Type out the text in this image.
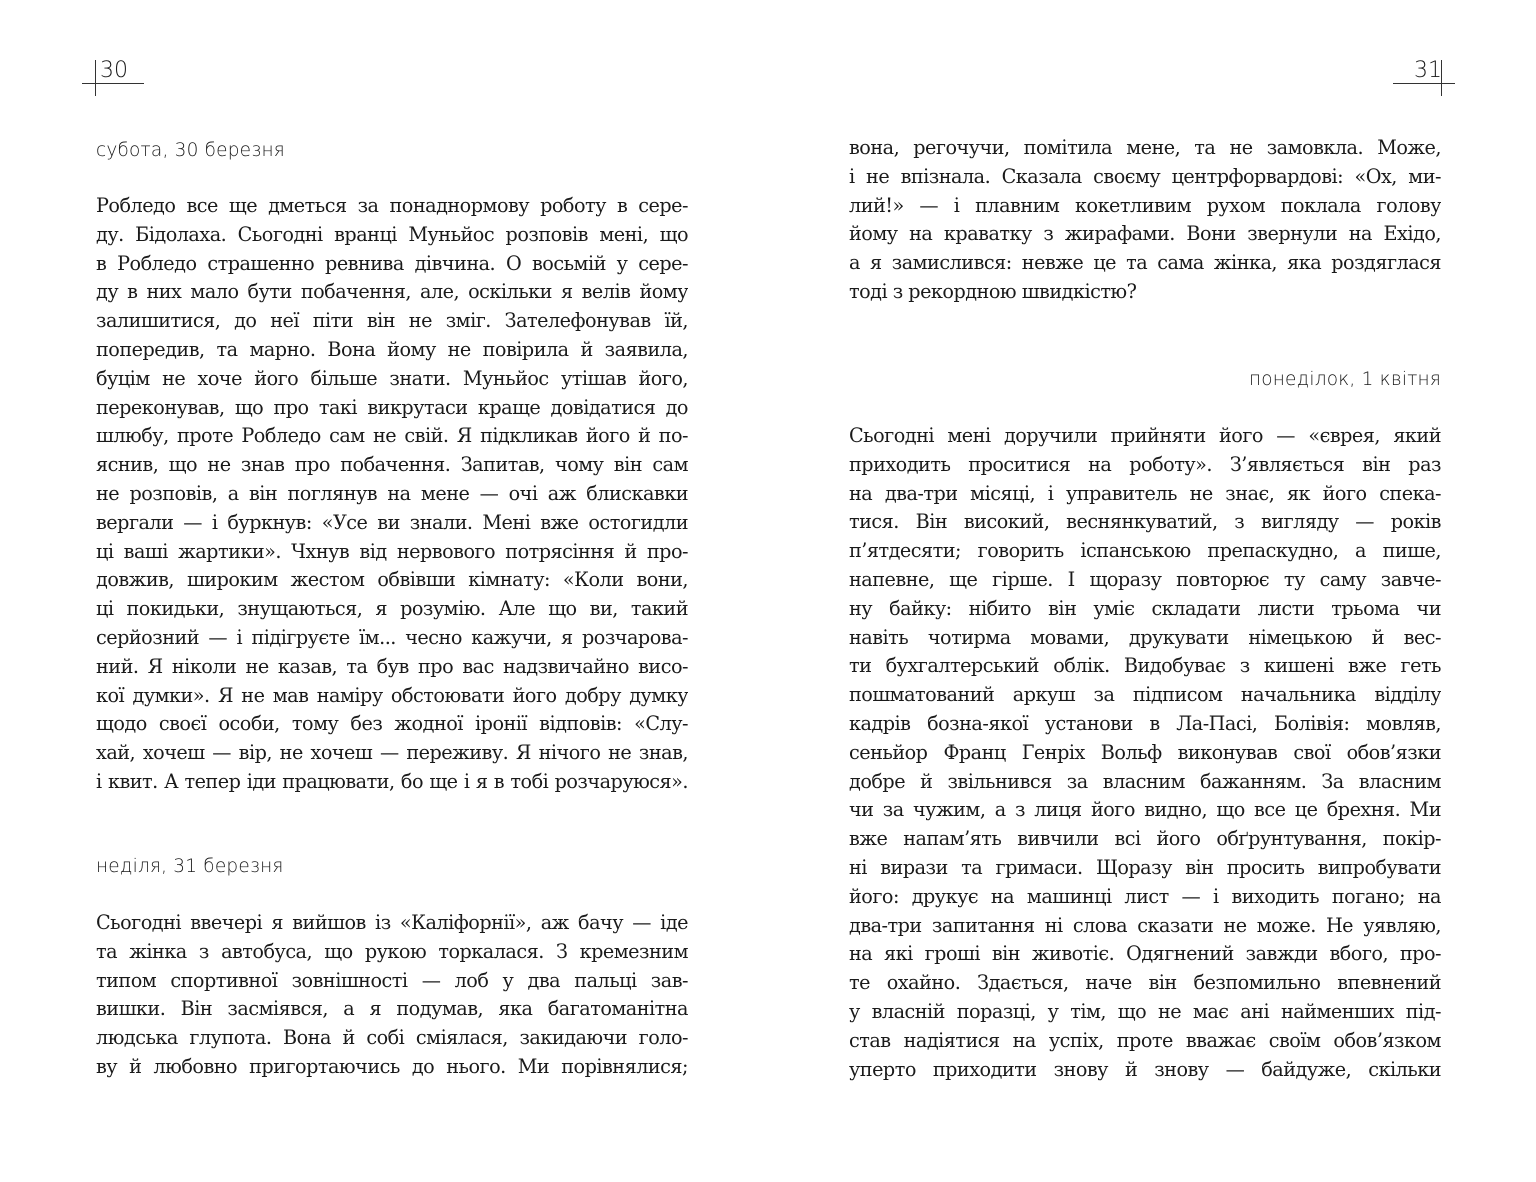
30

субота, 30 березня

Робледо все ще дметься за понаднормову роботу в сере-
ду. Бідолаха. Сьогодні вранці Муньйос розповів мені, що
в Робледо страшенно ревнива дівчина. О восьмій у сере-
ду в них мало бути побачення, але, оскільки я велів йому
залишитися, до неї піти він не зміг. Зателефонував їй,
попередив, та марно. Вона йому не повірила й заявила,
буцім не хоче його більше знати. Муньйос утішав його,
переконував, що про такі викрутаси краще довідатися до
шлюбу, проте Робледо сам не свій. Я підкликав його й по-
яснив, що не знав про побачення. Запитав, чому він сам
не розповів, а він поглянув на мене — очі аж блискавки
вергали — і буркнув: «Усе ви знали. Мені вже остогидли
ці ваші жартики». Чхнув від нервового потрясіння й про-
довжив, широким жестом обвівши кімнату: «Коли вони,
ці покидьки, знущаються, я розумію. Але що ви, такий
серйозний — і підігруєте їм... чесно кажучи, я розчарова-
ний. Я ніколи не казав, та був про вас надзвичайно висо-
кої думки». Я не мав наміру обстоювати його добру думку
щодо своєї особи, тому без жодної іронії відповів: «Слу-
хай, хочеш — вір, не хочеш — переживу. Я нічого не знав,
і квит. А тепер іди працювати, бо ще і я в тобі розчаруюся».

неділя, 31 березня

Сьогодні ввечері я вийшов із «Каліфорнії», аж бачу — іде
та жінка з автобуса, що рукою торкалася. З кремезним
типом спортивної зовнішності — лоб у два пальці зав-
вишки. Він засміявся, а я подумав, яка багатоманітна
людська глупота. Вона й собі сміялася, закидаючи голо-
ву й любовно пригортаючись до нього. Ми порівнялися;
31
вона, регочучи, помітила мене, та не замовкла. Може,
і не впізнала. Сказала своєму центрфорвардові: «Ох, ми-
лий!» — і плавним кокетливим рухом поклала голову
йому на краватку з жирафами. Вони звернули на Ехідо,
а я замислився: невже це та сама жінка, яка роздяглася
тоді з рекордною швидкістю?

понеділок, 1 квітня

Сьогодні мені доручили прийняти його — «єврея, який
приходить проситися на роботу». З’являється він раз
на два-три місяці, і управитель не знає, як його спека-
тися. Він високий, веснянкуватий, з вигляду — років
п’ятдесяти; говорить іспанською препаскудно, а пише,
напевне, ще гірше. І щоразу повторює ту саму завче-
ну байку: нібито він уміє складати листи трьома чи
навіть чотирма мовами, друкувати німецькою й вес-
ти бухгалтерський облік. Видобуває з кишені вже геть
пошматований аркуш за підписом начальника відділу
кадрів бозна-якої установи в Ла-Пасі, Болівія: мовляв,
сеньйор Франц Генріх Вольф виконував свої обов’язки
добре й звільнився за власним бажанням. За власним
чи за чужим, а з лиця його видно, що все це брехня. Ми
вже напам’ять вивчили всі його обґрунтування, покір-
ні вирази та гримаси. Щоразу він просить випробувати
його: друкує на машинці лист — і виходить погано; на
два-три запитання ні слова сказати не може. Не уявляю,
на які гроші він животіє. Одягнений завжди вбого, про-
те охайно. Здається, наче він безпомильно впевнений
у власній поразці, у тім, що не має ані найменших під-
став надіятися на успіх, проте вважає своїм обов’язком
уперто приходити знову й знову — байдуже, скільки
